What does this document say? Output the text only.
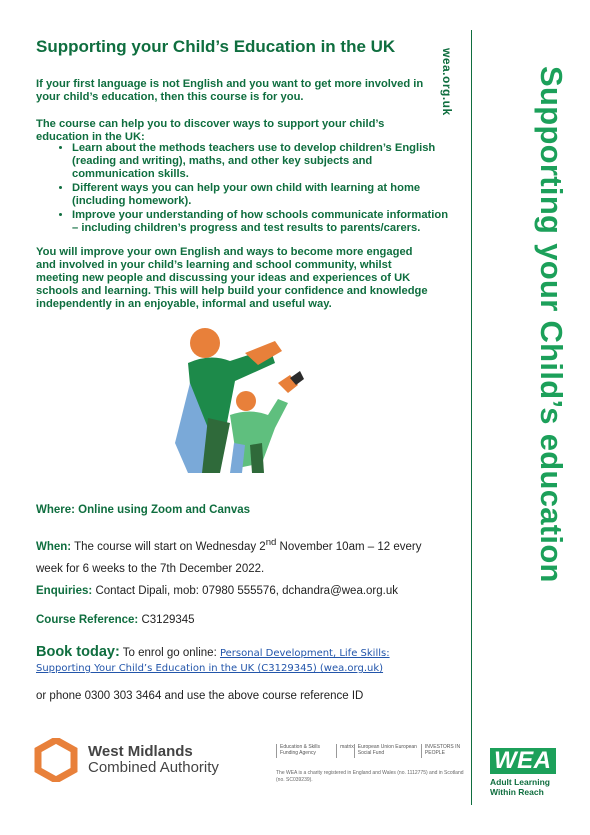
Supporting your Child’s Education in the UK
If your first language is not English and you want to get more involved in your child’s education, then this course is for you.
The course can help you to discover ways to support your child’s education in the UK:
• Learn about the methods teachers use to develop children’s English (reading and writing), maths, and other key subjects and communication skills.
• Different ways you can help your own child with learning at home (including homework).
• Improve your understanding of how schools communicate information – including children’s progress and test results to parents/carers.
You will improve your own English and ways to become more engaged and involved in your child’s learning and school community, whilst meeting new people and discussing your ideas and experiences of UK schools and learning. This will help build your confidence and knowledge independently in an enjoyable, informal and useful way.
Where: Online using Zoom and Canvas
When: The course will start on Wednesday 2nd November 10am – 12 every week for 6 weeks to the 7th December 2022.
Enquiries: Contact Dipali, mob: 07980 555576, dchandra@wea.org.uk
Course Reference: C3129345
Book today: To enrol go online: Personal Development, Life Skills: Supporting Your Child’s Education in the UK (C3129345) (wea.org.uk)
or phone 0300 303 3464 and use the above course reference ID
wea.org.uk	Supporting your Child’s education
West Midlands
Combined Authority
Education & Skills Funding Agency
matrix European Union European Social Fund
INVESTORS IN PEOPLE
The WEA is a charity registered in England and Wales (no. 1112775) and in Scotland (no. SC039239).
WEA
Adult Learning
Within Reach
